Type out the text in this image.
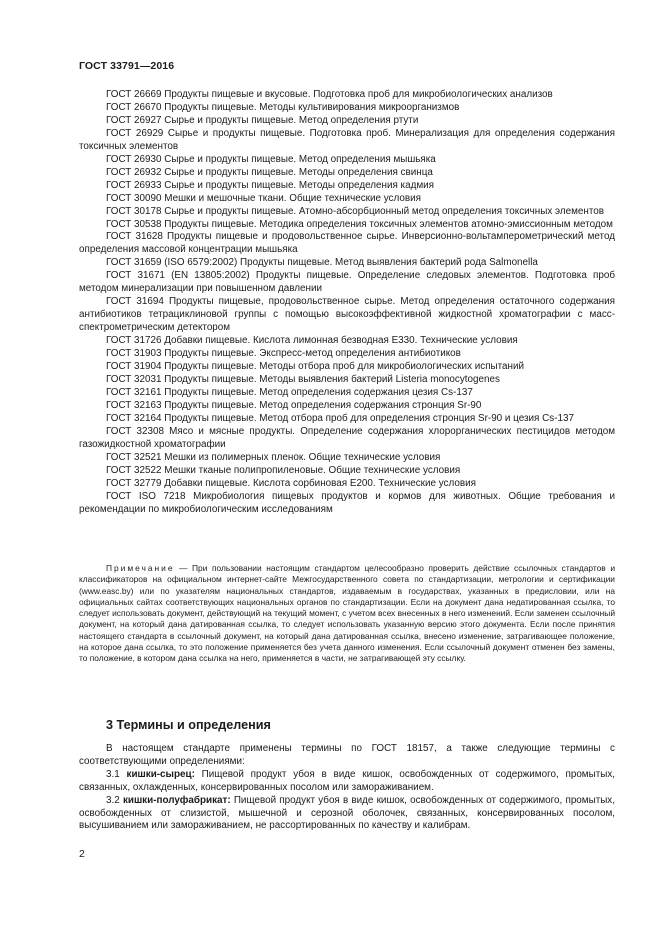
ГОСТ 33791—2016

ГОСТ 26669 Продукты пищевые и вкусовые. Подготовка проб для микробиологических анализов

ГОСТ 26670 Продукты пищевые. Методы культивирования микроорганизмов

ГОСТ 26927 Сырье и продукты пищевые. Метод определения ртути

ГОСТ 26929 Сырье и продукты пищевые. Подготовка проб. Минерализация для определения содержания токсичных элементов

ГОСТ 26930 Сырье и продукты пищевые. Метод определения мышьяка

ГОСТ 26932 Сырье и продукты пищевые. Методы определения свинца

ГОСТ 26933 Сырье и продукты пищевые. Методы определения кадмия

ГОСТ 30090 Мешки и мешочные ткани. Общие технические условия

ГОСТ 30178 Сырье и продукты пищевые. Атомно-абсорбционный метод определения токсичных элементов

ГОСТ 30538 Продукты пищевые. Методика определения токсичных элементов атомно-эмиссионным методом

ГОСТ 31628 Продукты пищевые и продовольственное сырье. Инверсионно-вольтамперометрический метод определения массовой концентрации мышьяка

ГОСТ 31659 (ISO 6579:2002) Продукты пищевые. Метод выявления бактерий рода Salmonella

ГОСТ 31671 (EN 13805:2002) Продукты пищевые. Определение следовых элементов. Подготовка проб методом минерализации при повышенном давлении

ГОСТ 31694 Продукты пищевые, продовольственное сырье. Метод определения остаточного содержания антибиотиков тетрациклиновой группы с помощью высокоэффективной жидкостной хроматографии с масс-спектрометрическим детектором

ГОСТ 31726 Добавки пищевые. Кислота лимонная безводная Е330. Технические условия

ГОСТ 31903 Продукты пищевые. Экспресс-метод определения антибиотиков

ГОСТ 31904 Продукты пищевые. Методы отбора проб для микробиологических испытаний

ГОСТ 32031 Продукты пищевые. Методы выявления бактерий Listeria monocytogenes

ГОСТ 32161 Продукты пищевые. Метод определения содержания цезия Cs-137

ГОСТ 32163 Продукты пищевые. Метод определения содержания стронция Sr-90

ГОСТ 32164 Продукты пищевые. Метод отбора проб для определения стронция Sr-90 и цезия Cs-137

ГОСТ 32308 Мясо и мясные продукты. Определение содержания хлорорганических пестицидов методом газожидкостной хроматографии

ГОСТ 32521 Мешки из полимерных пленок. Общие технические условия

ГОСТ 32522 Мешки тканые полипропиленовые. Общие технические условия

ГОСТ 32779 Добавки пищевые. Кислота сорбиновая Е200. Технические условия

ГОСТ ISO 7218 Микробиология пищевых продуктов и кормов для животных. Общие требования и рекомендации по микробиологическим исследованиям

Примечание — При пользовании настоящим стандартом целесообразно проверить действие ссылочных стандартов и классификаторов на официальном интернет-сайте Межгосударственного совета по стандартизации, метрологии и сертификации (www.easc.by) или по указателям национальных стандартов, издаваемым в государствах, указанных в предисловии, или на официальных сайтах соответствующих национальных органов по стандартизации. Если на документ дана недатированная ссылка, то следует использовать документ, действующий на текущий момент, с учетом всех внесенных в него изменений. Если заменен ссылочный документ, на который дана датированная ссылка, то следует использовать указанную версию этого документа. Если после принятия настоящего стандарта в ссылочный документ, на который дана датированная ссылка, внесено изменение, затрагивающее положение, на которое дана ссылка, то это положение применяется без учета данного изменения. Если ссылочный документ отменен без замены, то положение, в котором дана ссылка на него, применяется в части, не затрагивающей эту ссылку.

3 Термины и определения

В настоящем стандарте применены термины по ГОСТ 18157, а также следующие термины с соответствующими определениями:

3.1 кишки-сырец: Пищевой продукт убоя в виде кишок, освобожденных от содержимого, промытых, связанных, охлажденных, консервированных посолом или замораживанием.

3.2 кишки-полуфабрикат: Пищевой продукт убоя в виде кишок, освобожденных от содержимого, промытых, освобожденных от слизистой, мышечной и серозной оболочек, связанных, консервированных посолом, высушиванием или замораживанием, не рассортированных по качеству и калибрам.

2
